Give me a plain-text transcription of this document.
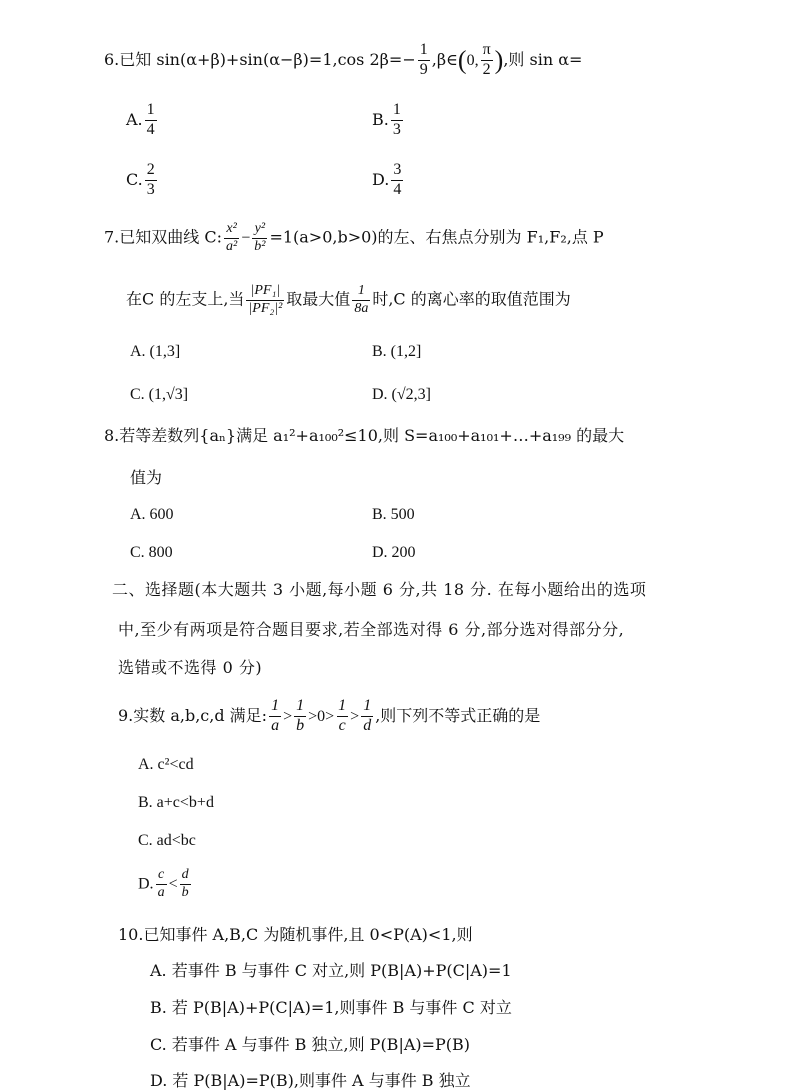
6.已知 sin(α+β)+sin(α−β)=1,cos $2\beta=- \frac{1}{9}$ ,β∈(0, $\frac{\pi}{2}$ ),则 sin α=
A. $\frac{1}{4}$	B. $\frac{1}{3}$
C. $\frac{2}{3}$	D. $\frac{3}{4}$
7.已知双曲线 C: $\frac{\text{x²}}{\text{a²}} - \frac{\text{y²}}{\text{b²}} =1(a>0,b>0)$的左、右焦点分别为 F₁,F₂,点 P
在C 的左支上,当 $\frac{\text{|PF₁|}}{\text{|PF₂|²}}$ 取最大值 $\frac{1}{8a}$ 时,C 的离心率的取值范围为
A. (1,3]	B. (1,2]
C. (1,√3]	D. (√2,3]
8.若等差数列{aₙ}满足 a₁²+a₁₀₀²≤10,则 S=a₁₀₀+a₁₀₁+…+a₁₉₉ 的最大
值为
A. 600	B. 500
C. 800	D. 200
二、选择题(本大题共 3 小题,每小题 6 分,共 18 分. 在每小题给出的选项
中,至少有两项是符合题目要求,若全部选对得 6 分,部分选对得部分分,
选错或不选得 0 分)
9.实数 a,b,c,d 满足: $\frac{1}{a} > \frac{1}{b} >0> \frac{1}{c} > \frac{1}{d}$ ,则下列不等式正确的是
A. c²<cd
B. a+c<b+d
C. ad<bc
D. $\frac{c}{a} < \frac{d}{b}$
10.已知事件 A,B,C 为随机事件,且 0<P(A)<1,则
A. 若事件 B 与事件 C 对立,则 P(B|A)+P(C|A)=1
B. 若 P(B|A)+P(C|A)=1,则事件 B 与事件 C 对立
C. 若事件 A 与事件 B 独立,则 P(B|A)=P(B)
D. 若 P(B|A)=P(B),则事件 A 与事件 B 独立
